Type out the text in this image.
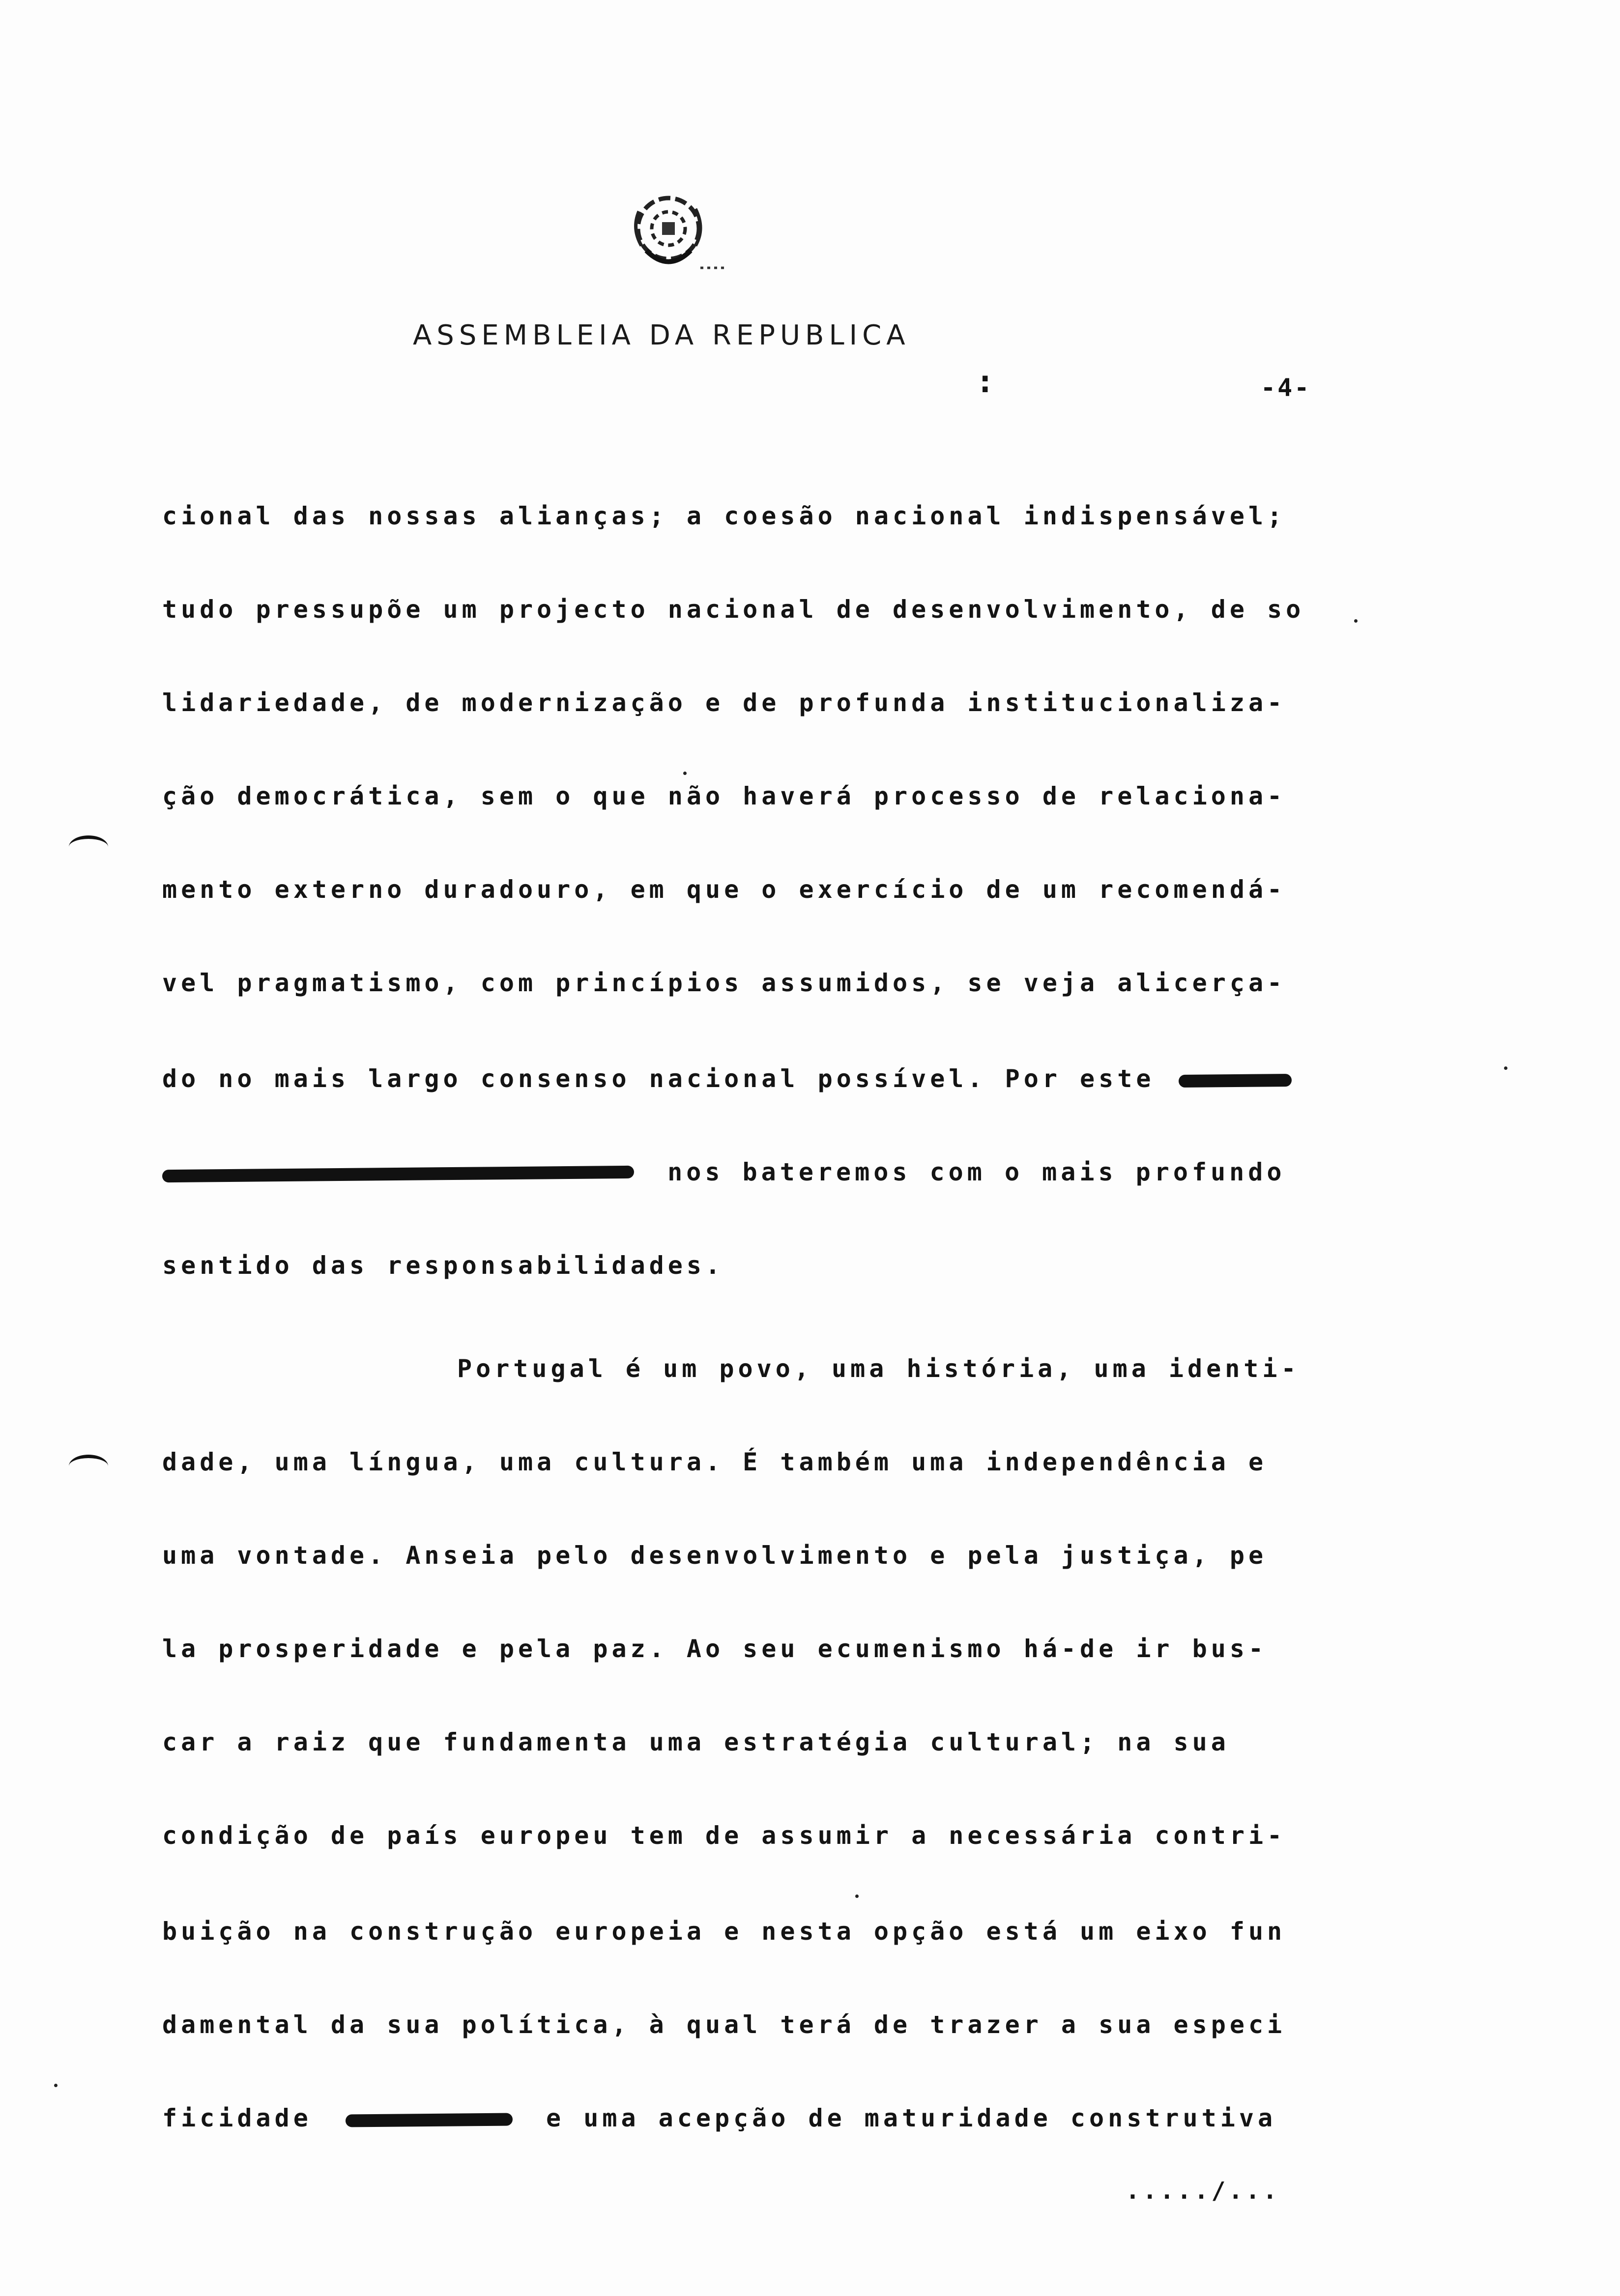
ASSEMBLEIA DA REPUBLICA
:	-4-
cional das nossas alianças; a coesão nacional indispensável;
tudo pressupõe um projecto nacional de desenvolvimento, de so
lidariedade, de modernização e de profunda institucionaliza-
ção democrática, sem o que não haverá processo de relaciona-
mento externo duradouro, em que o exercício de um recomendá-
vel pragmatismo, com princípios assumidos, se veja alicerça-
do no mais largo consenso nacional possível. Por este
nos bateremos com o mais profundo
sentido das responsabilidades.
Portugal é um povo, uma história, uma identi-
dade, uma língua, uma cultura. É também uma independência e
uma vontade. Anseia pelo desenvolvimento e pela justiça, pe
la prosperidade e pela paz. Ao seu ecumenismo há-de ir bus-
car a raiz que fundamenta uma estratégia cultural; na sua
condição de país europeu tem de assumir a necessária contri-
buição na construção europeia e nesta opção está um eixo fun
damental da sua política, à qual terá de trazer a sua especi
ficidade	e uma acepção de maturidade construtiva
...../...
